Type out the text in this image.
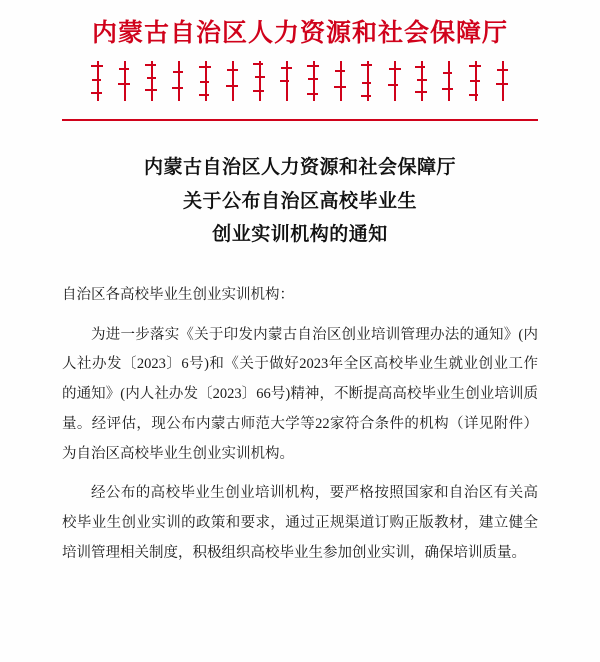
内蒙古自治区人力资源和社会保障厅
内蒙古自治区人力资源和社会保障厅
关于公布自治区高校毕业生
创业实训机构的通知

自治区各高校毕业生创业实训机构：

为进一步落实《关于印发内蒙古自治区创业培训管理办法的通知》(内人社办发〔2023〕6号)和《关于做好2023年全区高校毕业生就业创业工作的通知》(内人社办发〔2023〕66号)精神，不断提高高校毕业生创业培训质量。经评估，现公布内蒙古师范大学等22家符合条件的机构（详见附件）为自治区高校毕业生创业实训机构。

经公布的高校毕业生创业培训机构，要严格按照国家和自治区有关高校毕业生创业实训的政策和要求，通过正规渠道订购正版教材，建立健全培训管理相关制度，积极组织高校毕业生参加创业实训，确保培训质量。
